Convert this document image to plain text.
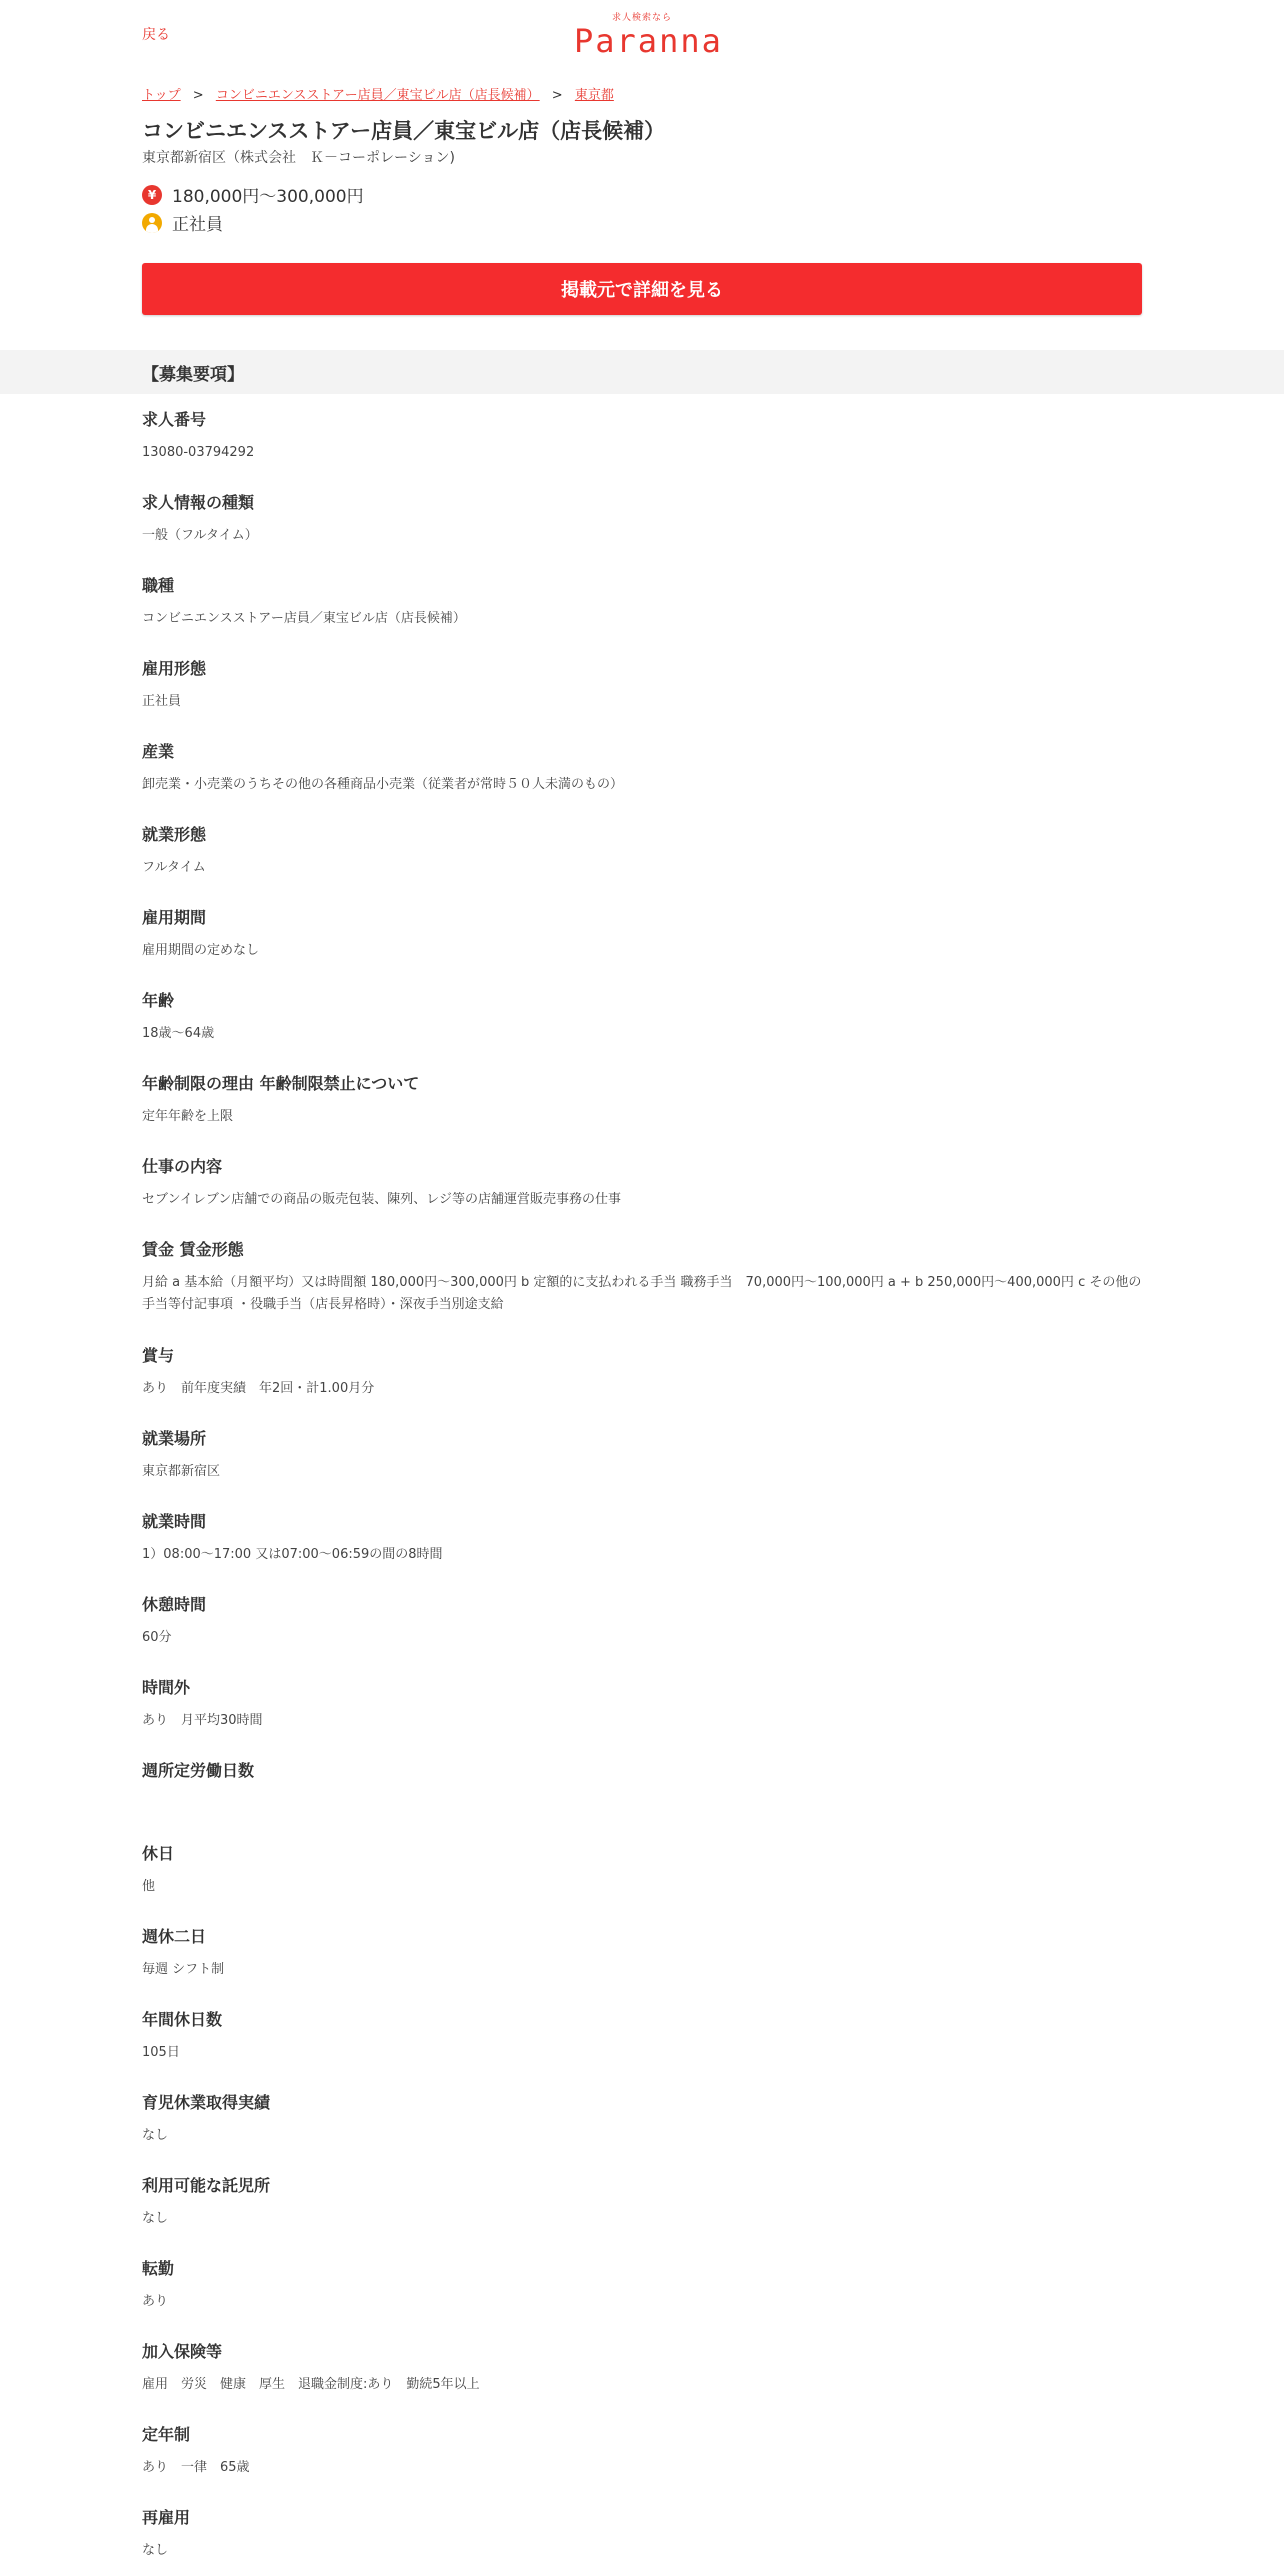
戻る
求人検索なら
Paranna
トップ > コンビニエンスストアー店員／東宝ビル店（店長候補） > 東京都
コンビニエンスストアー店員／東宝ビル店（店長候補）
東京都新宿区（株式会社　Ｋ－コーポレーション)
¥ 180,000円～300,000円
正社員
掲載元で詳細を見る
【募集要項】

求人番号

13080-03794292

求人情報の種類

一般（フルタイム）

職種

コンビニエンスストアー店員／東宝ビル店（店長候補）

雇用形態

正社員

産業

卸売業・小売業のうちその他の各種商品小売業（従業者が常時５０人未満のもの）

就業形態

フルタイム

雇用期間

雇用期間の定めなし

年齢

18歳～64歳

年齢制限の理由 年齢制限禁止について

定年年齢を上限

仕事の内容

セブンイレブン店舗での商品の販売包装、陳列、レジ等の店舗運営販売事務の仕事

賃金 賃金形態

月給 a 基本給（月額平均）又は時間額 180,000円～300,000円 b 定額的に支払われる手当 職務手当　70,000円～100,000円 a + b 250,000円～400,000円 c その他の手当等付記事項 ・役職手当（店長昇格時）・深夜手当別途支給

賞与

あり　前年度実績　年2回・計1.00月分

就業場所

東京都新宿区

就業時間

1）08:00～17:00 又は07:00～06:59の間の8時間

休憩時間

60分

時間外

あり　月平均30時間

週所定労働日数

休日

他

週休二日

毎週 シフト制

年間休日数

105日

育児休業取得実績

なし

利用可能な託児所

なし

転勤

あり

加入保険等

雇用　労災　健康　厚生　退職金制度:あり　勤続5年以上

定年制

あり　一律　65歳

再雇用

なし
